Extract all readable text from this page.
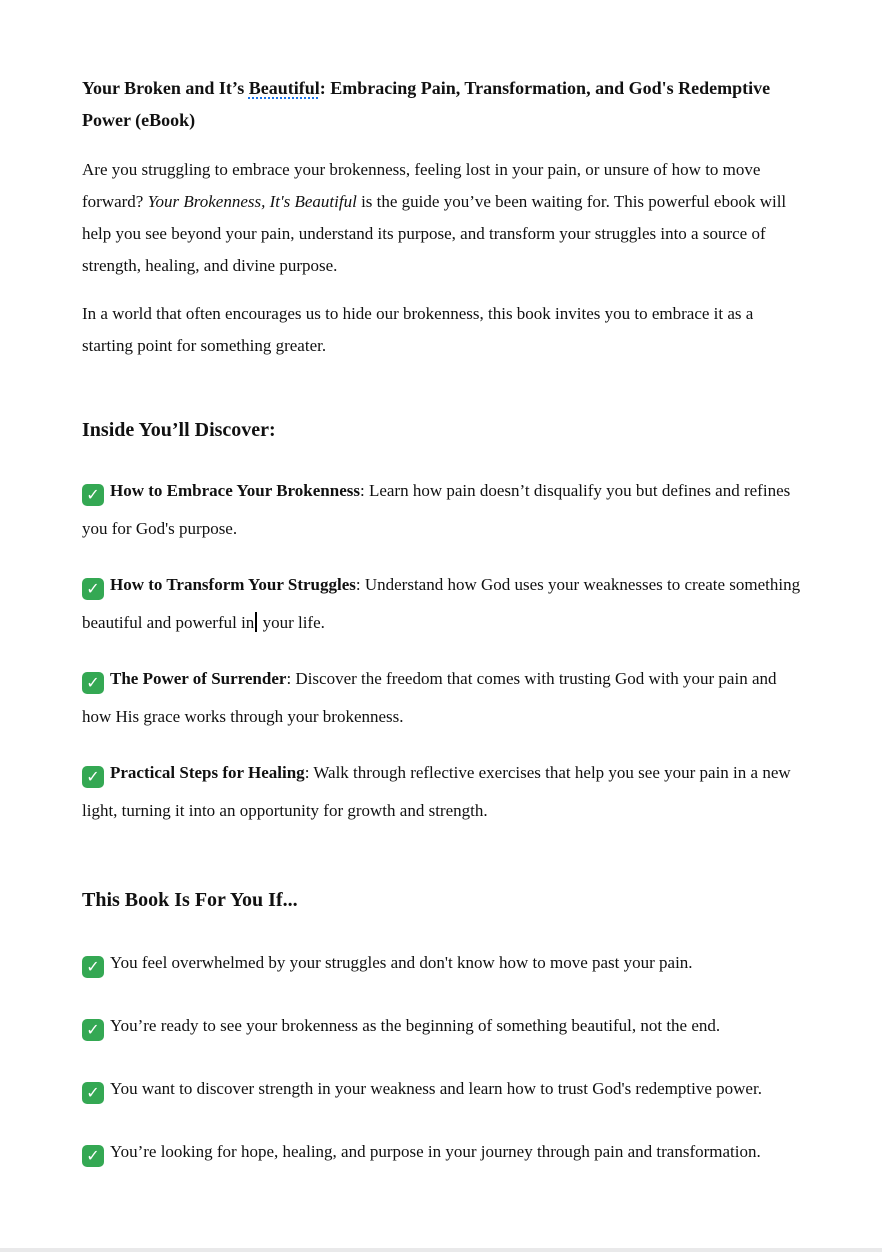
Your Broken and It’s Beautiful: Embracing Pain, Transformation, and God's Redemptive Power (eBook)

Are you struggling to embrace your brokenness, feeling lost in your pain, or unsure of how to move forward? Your Brokenness, It's Beautiful is the guide you’ve been waiting for. This powerful ebook will help you see beyond your pain, understand its purpose, and transform your struggles into a source of strength, healing, and divine purpose.

In a world that often encourages us to hide our brokenness, this book invites you to embrace it as a starting point for something greater.

Inside You’ll Discover:

✓ How to Embrace Your Brokenness: Learn how pain doesn’t disqualify you but defines and refines you for God's purpose.

✓ How to Transform Your Struggles: Understand how God uses your weaknesses to create something beautiful and powerful in your life.

✓ The Power of Surrender: Discover the freedom that comes with trusting God with your pain and how His grace works through your brokenness.

✓ Practical Steps for Healing: Walk through reflective exercises that help you see your pain in a new light, turning it into an opportunity for growth and strength.

This Book Is For You If...

✓ You feel overwhelmed by your struggles and don't know how to move past your pain.

✓ You’re ready to see your brokenness as the beginning of something beautiful, not the end.

✓ You want to discover strength in your weakness and learn how to trust God's redemptive power.

✓ You’re looking for hope, healing, and purpose in your journey through pain and transformation.
